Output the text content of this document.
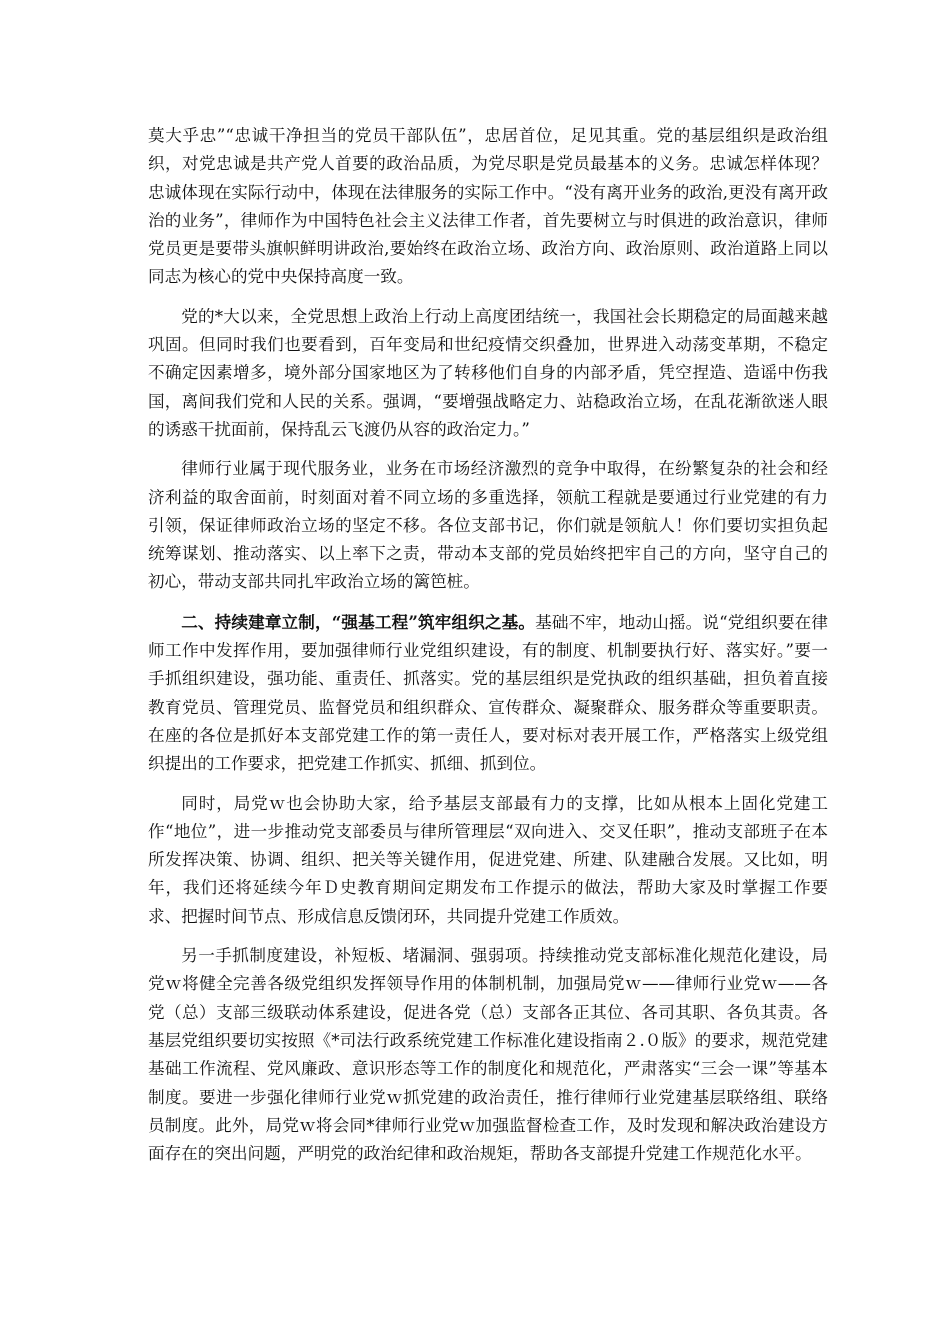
莫大乎忠”“忠诚干净担当的党员干部队伍”，忠居首位，足见其重。党的基层组织是政治组织，对党忠诚是共产党人首要的政治品质，为党尽职是党员最基本的义务。忠诚怎样体现？忠诚体现在实际行动中，体现在法律服务的实际工作中。“没有离开业务的政治,更没有离开政治的业务”，律师作为中国特色社会主义法律工作者，首先要树立与时俱进的政治意识，律师党员更是要带头旗帜鲜明讲政治,要始终在政治立场、政治方向、政治原则、政治道路上同以同志为核心的党中央保持高度一致。

党的*大以来，全党思想上政治上行动上高度团结统一，我国社会长期稳定的局面越来越巩固。但同时我们也要看到，百年变局和世纪疫情交织叠加，世界进入动荡变革期，不稳定不确定因素增多，境外部分国家地区为了转移他们自身的内部矛盾，凭空捏造、造谣中伤我国，离间我们党和人民的关系。强调，“要增强战略定力、站稳政治立场，在乱花渐欲迷人眼的诱惑干扰面前，保持乱云飞渡仍从容的政治定力。”

律师行业属于现代服务业，业务在市场经济激烈的竞争中取得，在纷繁复杂的社会和经济利益的取舍面前，时刻面对着不同立场的多重选择，领航工程就是要通过行业党建的有力引领，保证律师政治立场的坚定不移。各位支部书记，你们就是领航人！你们要切实担负起统筹谋划、推动落实、以上率下之责，带动本支部的党员始终把牢自己的方向，坚守自己的初心，带动支部共同扎牢政治立场的篱笆桩。

二、持续建章立制，“强基工程”筑牢组织之基。基础不牢，地动山摇。说“党组织要在律师工作中发挥作用，要加强律师行业党组织建设，有的制度、机制要执行好、落实好。”要一手抓组织建设，强功能、重责任、抓落实。党的基层组织是党执政的组织基础，担负着直接教育党员、管理党员、监督党员和组织群众、宣传群众、凝聚群众、服务群众等重要职责。在座的各位是抓好本支部党建工作的第一责任人，要对标对表开展工作，严格落实上级党组织提出的工作要求，把党建工作抓实、抓细、抓到位。

同时，局党ｗ也会协助大家，给予基层支部最有力的支撑，比如从根本上固化党建工作“地位”，进一步推动党支部委员与律所管理层“双向进入、交叉任职”，推动支部班子在本所发挥决策、协调、组织、把关等关键作用，促进党建、所建、队建融合发展。又比如，明年，我们还将延续今年Ｄ史教育期间定期发布工作提示的做法，帮助大家及时掌握工作要求、把握时间节点、形成信息反馈闭环，共同提升党建工作质效。

另一手抓制度建设，补短板、堵漏洞、强弱项。持续推动党支部标准化规范化建设，局党ｗ将健全完善各级党组织发挥领导作用的体制机制，加强局党ｗ——律师行业党ｗ——各党（总）支部三级联动体系建设，促进各党（总）支部各正其位、各司其职、各负其责。各基层党组织要切实按照《*司法行政系统党建工作标准化建设指南２.０版》的要求，规范党建基础工作流程、党风廉政、意识形态等工作的制度化和规范化，严肃落实“三会一课”等基本制度。要进一步强化律师行业党ｗ抓党建的政治责任，推行律师行业党建基层联络组、联络员制度。此外，局党ｗ将会同*律师行业党ｗ加强监督检查工作，及时发现和解决政治建设方面存在的突出问题，严明党的政治纪律和政治规矩，帮助各支部提升党建工作规范化水平。
